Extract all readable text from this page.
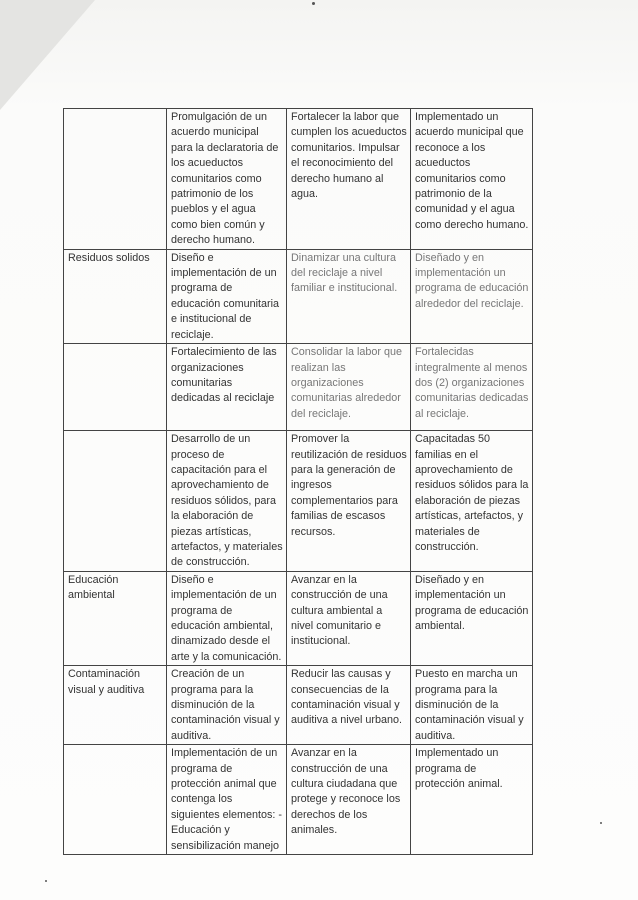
	Promulgación de un acuerdo municipal para la declaratoria de los acueductos comunitarios como patrimonio de los pueblos y el agua como bien común y derecho humano.	Fortalecer la labor que cumplen los acueductos comunitarios. Impulsar el reconocimiento del derecho humano al agua.	Implementado un acuerdo municipal que reconoce a los acueductos comunitarios como patrimonio de la comunidad y el agua como derecho humano.
Residuos solidos	Diseño e implementación de un programa de educación comunitaria e institucional de reciclaje.	Dinamizar una cultura del reciclaje a nivel familiar e institucional.	Diseñado y en implementación un programa de educación alrededor del reciclaje.
	Fortalecimiento de las organizaciones comunitarias dedicadas al reciclaje	Consolidar la labor que realizan las organizaciones comunitarias alrededor del reciclaje.	Fortalecidas integralmente al menos dos (2) organizaciones comunitarias dedicadas al reciclaje.
	Desarrollo de un proceso de capacitación para el aprovechamiento de residuos sólidos, para la elaboración de piezas artísticas, artefactos, y materiales de construcción.	Promover la reutilización de residuos para la generación de ingresos complementarios para familias de escasos recursos.	Capacitadas 50 familias en el aprovechamiento de residuos sólidos para la elaboración de piezas artísticas, artefactos, y materiales de construcción.
Educación ambiental	Diseño e implementación de un programa de educación ambiental, dinamizado desde el arte y la comunicación.	Avanzar en la construcción de una cultura ambiental a nivel comunitario e institucional.	Diseñado y en implementación un programa de educación ambiental.
Contaminación visual y auditiva	Creación de un programa para la disminución de la contaminación visual y auditiva.	Reducir las causas y consecuencias de la contaminación visual y auditiva a nivel urbano.	Puesto en marcha un programa para la disminución de la contaminación visual y auditiva.
	Implementación de un programa de protección animal que contenga los siguientes elementos: -Educación y sensibilización manejo	Avanzar en la construcción de una cultura ciudadana que protege y reconoce los derechos de los animales.	Implementado un programa de protección animal.
